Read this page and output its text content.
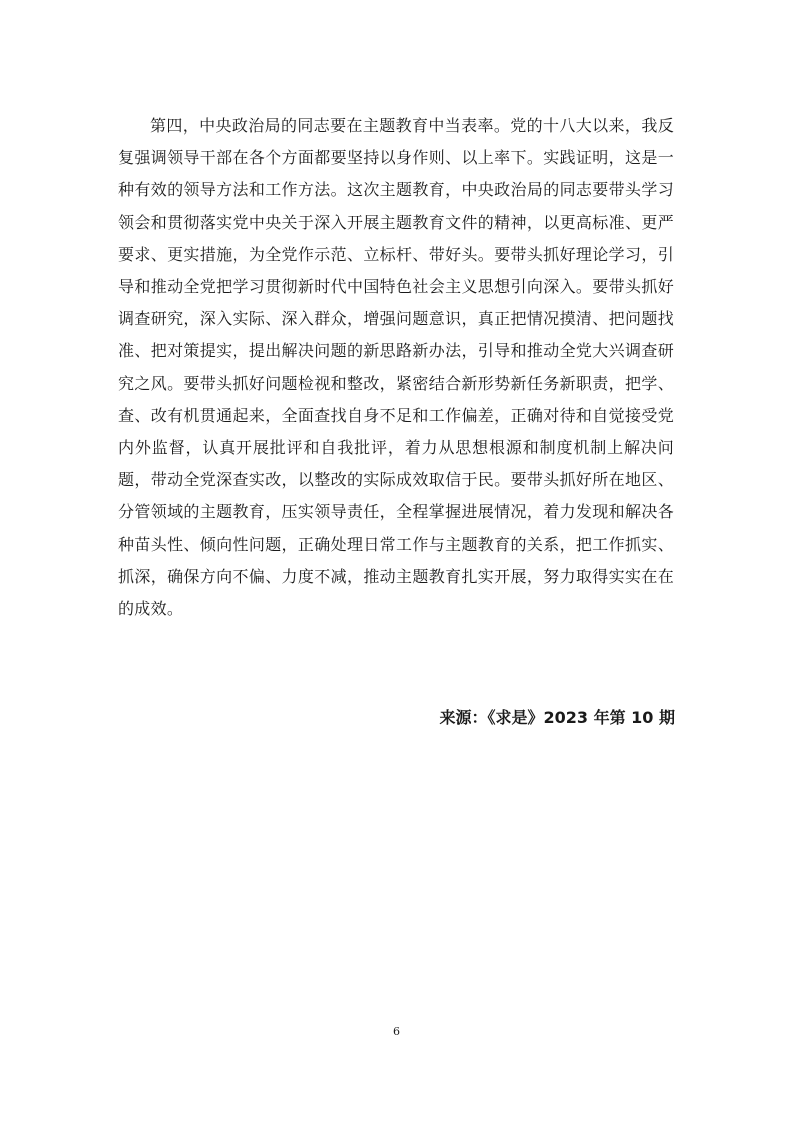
第四，中央政治局的同志要在主题教育中当表率。党的十八大以来，我反复强调领导干部在各个方面都要坚持以身作则、以上率下。实践证明，这是一种有效的领导方法和工作方法。这次主题教育，中央政治局的同志要带头学习领会和贯彻落实党中央关于深入开展主题教育文件的精神，以更高标准、更严要求、更实措施，为全党作示范、立标杆、带好头。要带头抓好理论学习，引导和推动全党把学习贯彻新时代中国特色社会主义思想引向深入。要带头抓好调查研究，深入实际、深入群众，增强问题意识，真正把情况摸清、把问题找准、把对策提实，提出解决问题的新思路新办法，引导和推动全党大兴调查研究之风。要带头抓好问题检视和整改，紧密结合新形势新任务新职责，把学、查、改有机贯通起来，全面查找自身不足和工作偏差，正确对待和自觉接受党内外监督，认真开展批评和自我批评，着力从思想根源和制度机制上解决问题，带动全党深查实改，以整改的实际成效取信于民。要带头抓好所在地区、分管领域的主题教育，压实领导责任，全程掌握进展情况，着力发现和解决各种苗头性、倾向性问题，正确处理日常工作与主题教育的关系，把工作抓实、抓深，确保方向不偏、力度不减，推动主题教育扎实开展，努力取得实实在在的成效。

来源：《求是》2023 年第 10 期

6
